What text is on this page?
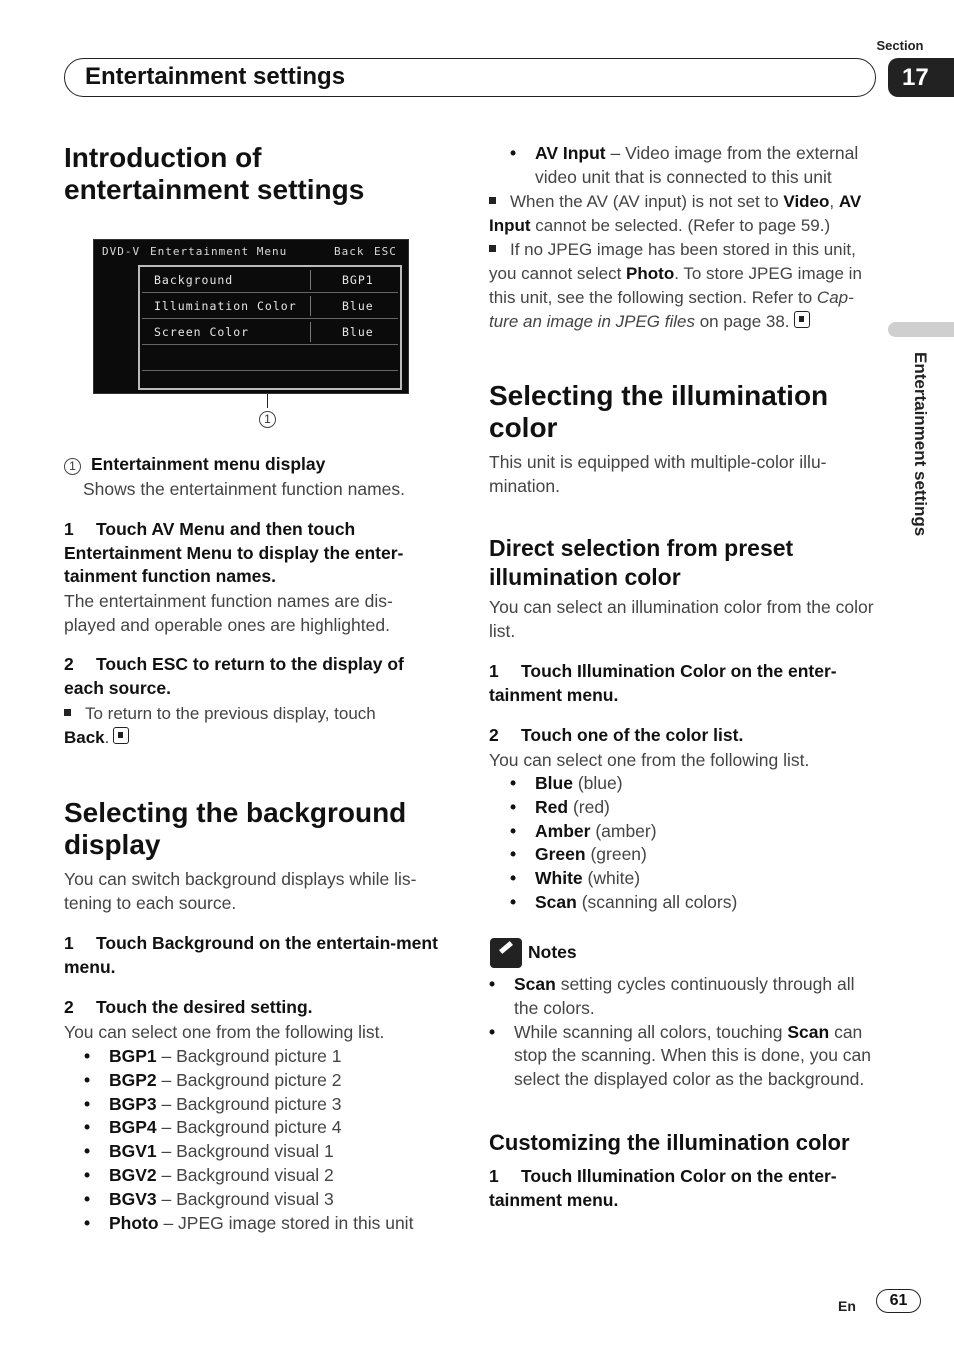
Section
Entertainment settings	17
Entertainment settings
Introduction of entertainment settings
DVD-V Entertainment Menu	Back ESC
Background	BGP1
Illumination Color	Blue
Screen Color	Blue
1
1 Entertainment menu display
Shows the entertainment function names.
1 Touch AV Menu and then touch Entertainment Menu to display the enter-tainment function names.
The entertainment function names are dis-played and operable ones are highlighted.
2 Touch ESC to return to the display of each source.
To return to the previous display, touch
Back.
Selecting the background display
You can switch background displays while lis-tening to each source.
1 Touch Background on the entertain-ment menu.
2 Touch the desired setting.
You can select one from the following list.
• BGP1 – Background picture 1
• BGP2 – Background picture 2
• BGP3 – Background picture 3
• BGP4 – Background picture 4
• BGV1 – Background visual 1
• BGV2 – Background visual 2
• BGV3 – Background visual 3
• Photo – JPEG image stored in this unit
• AV Input – Video image from the external video unit that is connected to this unit
When the AV (AV input) is not set to Video, AV Input cannot be selected. (Refer to page 59.)
If no JPEG image has been stored in this unit, you cannot select Photo. To store JPEG image in this unit, see the following section. Refer to Cap-ture an image in JPEG files on page 38.
Selecting the illumination color
This unit is equipped with multiple-color illu-mination.
Direct selection from preset illumination color
You can select an illumination color from the color list.
1 Touch Illumination Color on the enter-tainment menu.
2 Touch one of the color list.
You can select one from the following list.
• Blue (blue)
• Red (red)
• Amber (amber)
• Green (green)
• White (white)
• Scan (scanning all colors)
Notes
• Scan setting cycles continuously through all the colors.
• While scanning all colors, touching Scan can stop the scanning. When this is done, you can select the displayed color as the background.
Customizing the illumination color
1 Touch Illumination Color on the enter-tainment menu.
En	61
